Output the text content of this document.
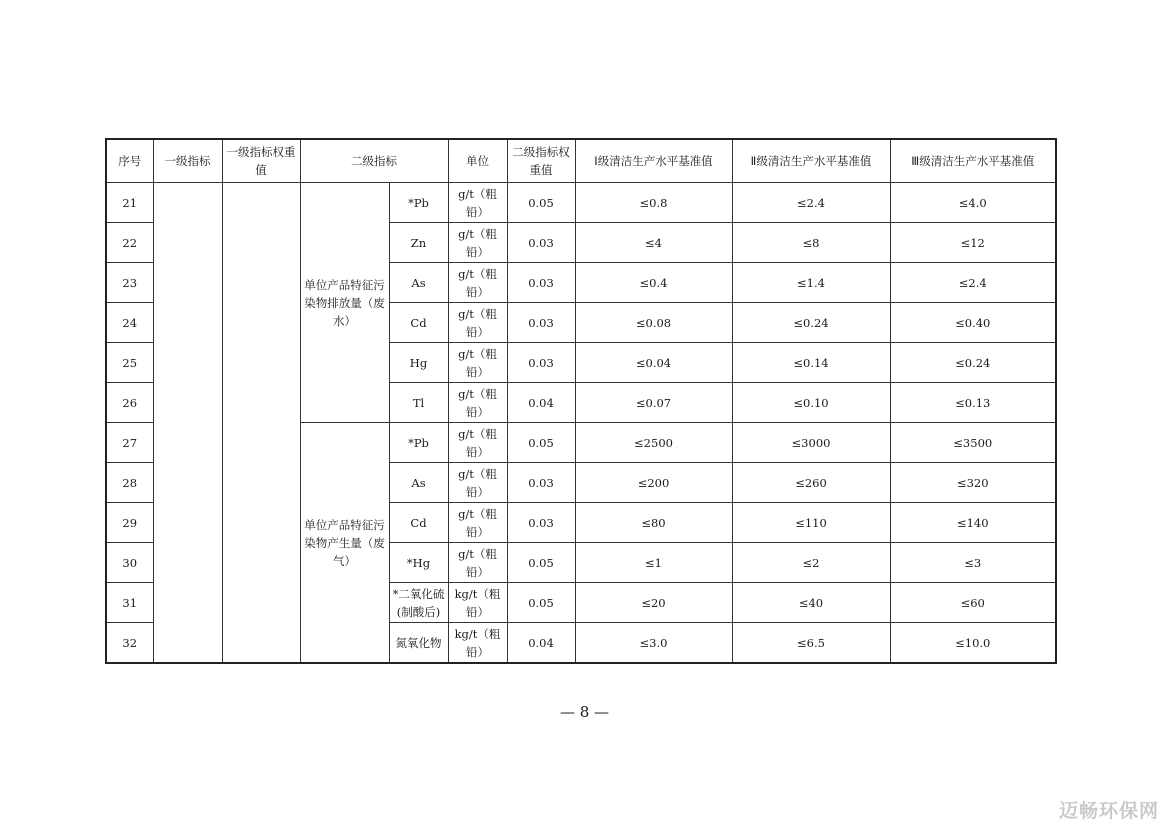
序号	一级指标	一级指标权重值	二级指标		单位	二级指标权重值	Ⅰ级清洁生产水平基准值	Ⅱ级清洁生产水平基准值	Ⅲ级清洁生产水平基准值
21			单位产品特征污染物排放量（废水）	*Pb	g/t（粗铅）	0.05	≤0.8	≤2.4	≤4.0
22				Zn	g/t（粗铅）	0.03	≤4	≤8	≤12
23				As	g/t（粗铅）	0.03	≤0.4	≤1.4	≤2.4
24				Cd	g/t（粗铅）	0.03	≤0.08	≤0.24	≤0.40
25				Hg	g/t（粗铅）	0.03	≤0.04	≤0.14	≤0.24
26				Tl	g/t（粗铅）	0.04	≤0.07	≤0.10	≤0.13
27			单位产品特征污染物产生量（废气）	*Pb	g/t（粗铅）	0.05	≤2500	≤3000	≤3500
28				As	g/t（粗铅）	0.03	≤200	≤260	≤320
29				Cd	g/t（粗铅）	0.03	≤80	≤110	≤140
30				*Hg	g/t（粗铅）	0.05	≤1	≤2	≤3
31				*二氧化硫(制酸后)	kg/t（粗铅）	0.05	≤20	≤40	≤60
32				氮氧化物	kg/t（粗铅）	0.04	≤3.0	≤6.5	≤10.0
— 8 —
迈畅环保网
